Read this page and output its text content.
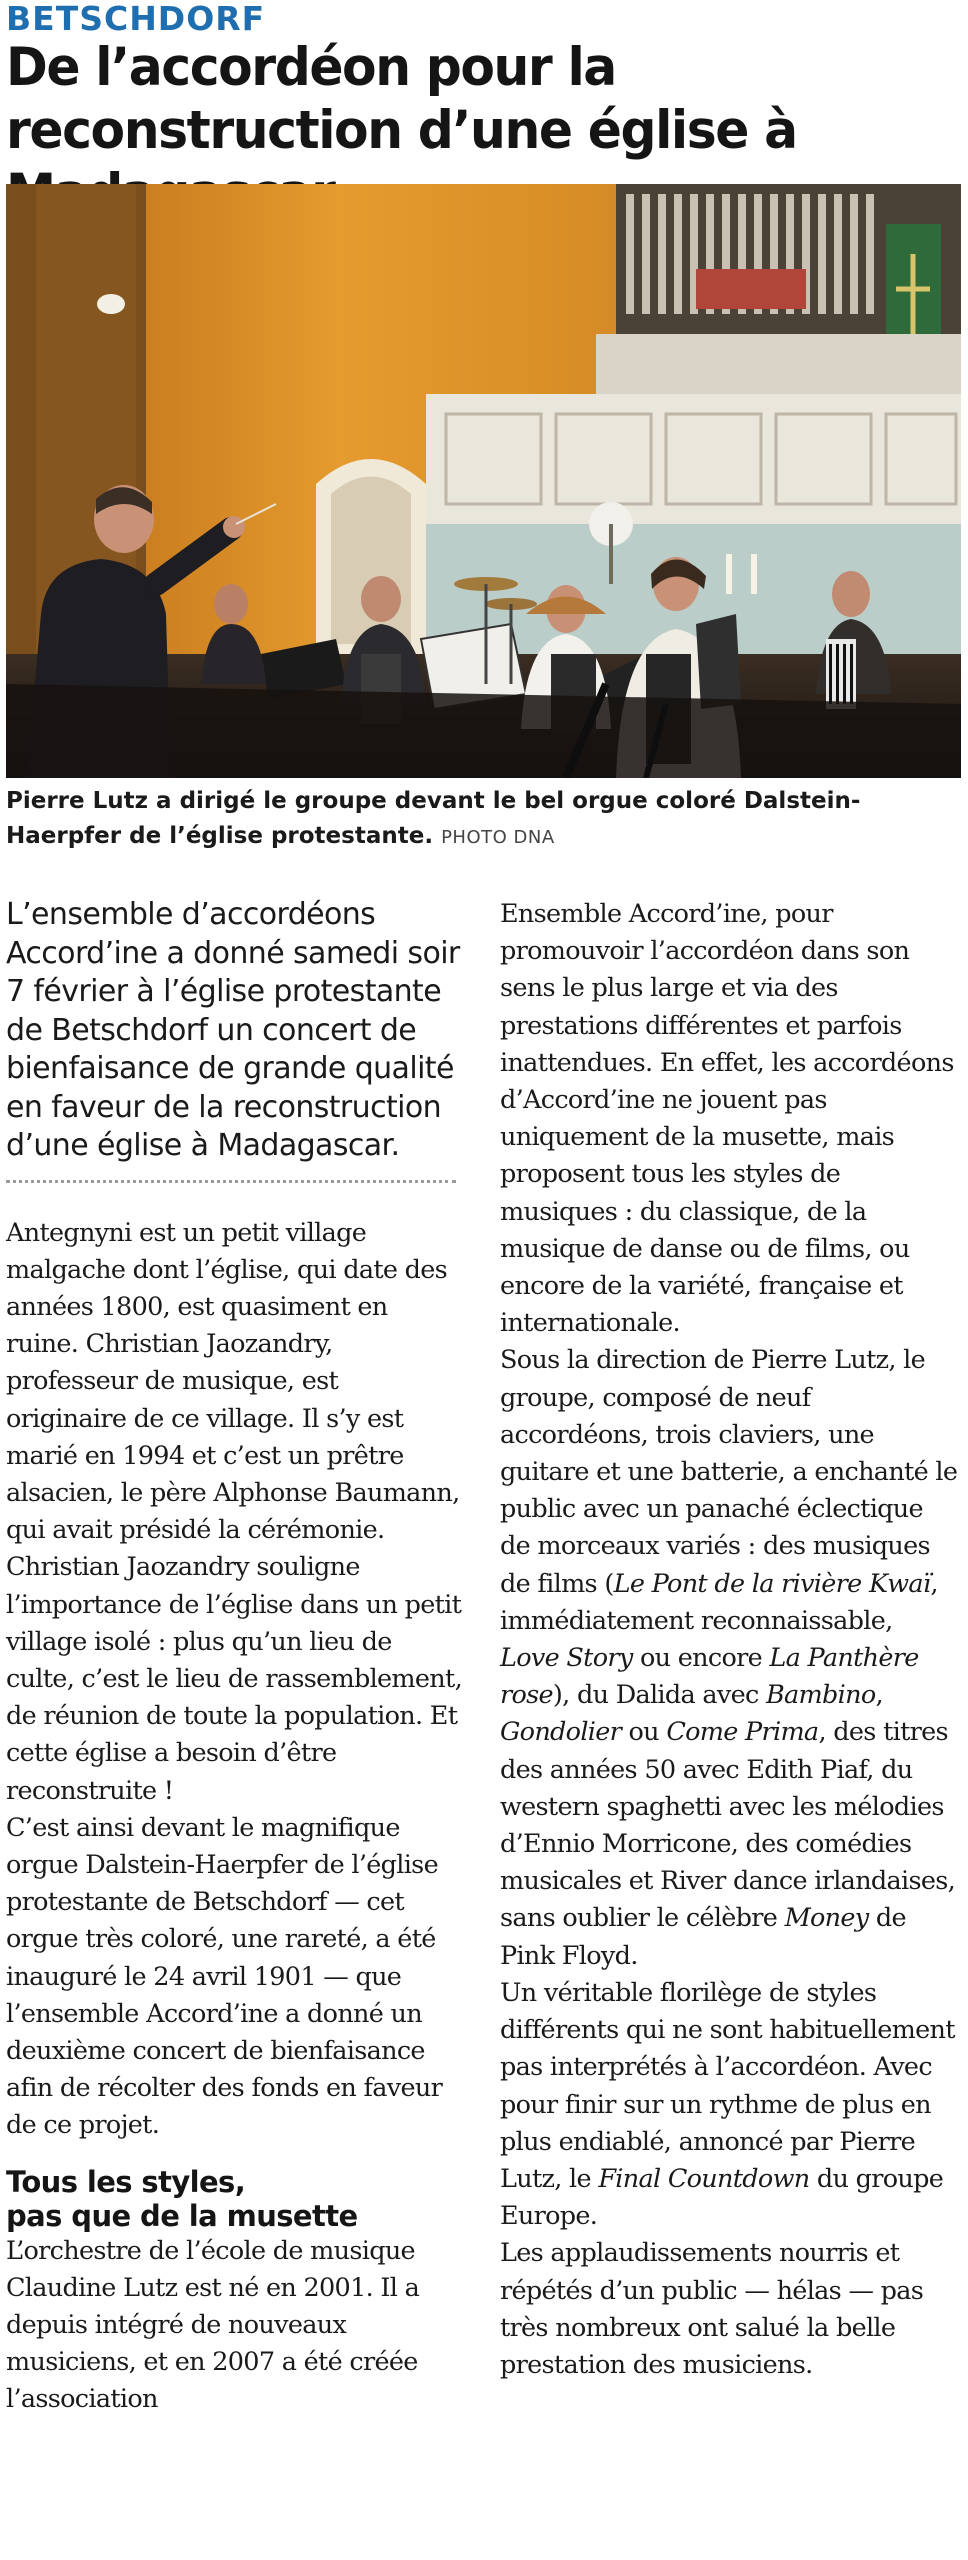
BETSCHDORF
De l’accordéon pour la reconstruction d’une église à

Pierre Lutz a dirigé le groupe devant le bel orgue coloré Dalstein-Haerpfer de l’église protestante. PHOTO DNA

L’ensemble d’accordéons Accord’ine a donné samedi soir 7 février à l’église protestante de Betschdorf un concert de bienfaisance de grande qualité en faveur de la reconstruction d’une église à Madagascar.

Antegnyni est un petit village malgache dont l’église, qui date des années 1800, est quasiment en ruine. Christian Jaozandry, professeur de musique, est originaire de ce village. Il s’y est marié en 1994 et c’est un prêtre alsacien, le père Alphonse Baumann, qui avait présidé la cérémonie. Christian Jaozandry souligne l’importance de l’église dans un petit village isolé : plus qu’un lieu de culte, c’est le lieu de rassemblement, de réunion de toute la population. Et cette église a besoin d’être reconstruite !

C’est ainsi devant le magnifique orgue Dalstein-Haerpfer de l’église protestante de Betschdorf — cet orgue très coloré, une rareté, a été inauguré le 24 avril 1901 — que l’ensemble Accord’ine a donné un deuxième concert de bienfaisance afin de récolter des fonds en faveur de ce projet.

Tous les styles,
pas que de la musette

L’orchestre de l’école de musique Claudine Lutz est né en 2001. Il a depuis intégré de nouveaux musiciens, et en 2007 a été créée l’association

Ensemble Accord’ine, pour promouvoir l’accordéon dans son sens le plus large et via des prestations différentes et parfois inattendues. En effet, les accordéons d’Accord’ine ne jouent pas uniquement de la musette, mais proposent tous les styles de musiques : du classique, de la musique de danse ou de films, ou encore de la variété, française et internationale.

Sous la direction de Pierre Lutz, le groupe, composé de neuf accordéons, trois claviers, une guitare et une batterie, a enchanté le public avec un panaché éclectique de morceaux variés : des musiques de films (Le Pont de la rivière Kwaï, immédiatement reconnaissable, Love Story ou encore La Panthère rose), du Dalida avec Bambino, Gondolier ou Come Prima, des titres des années 50 avec Edith Piaf, du western spaghetti avec les mélodies d’Ennio Morricone, des comédies musicales et River dance irlandaises, sans oublier le célèbre Money de Pink Floyd.

Un véritable florilège de styles différents qui ne sont habituellement pas interprétés à l’accordéon. Avec pour finir sur un rythme de plus en plus endiablé, annoncé par Pierre Lutz, le Final Countdown du groupe Europe.

Les applaudissements nourris et répétés d’un public — hélas — pas très nombreux ont salué la belle prestation des musiciens.
